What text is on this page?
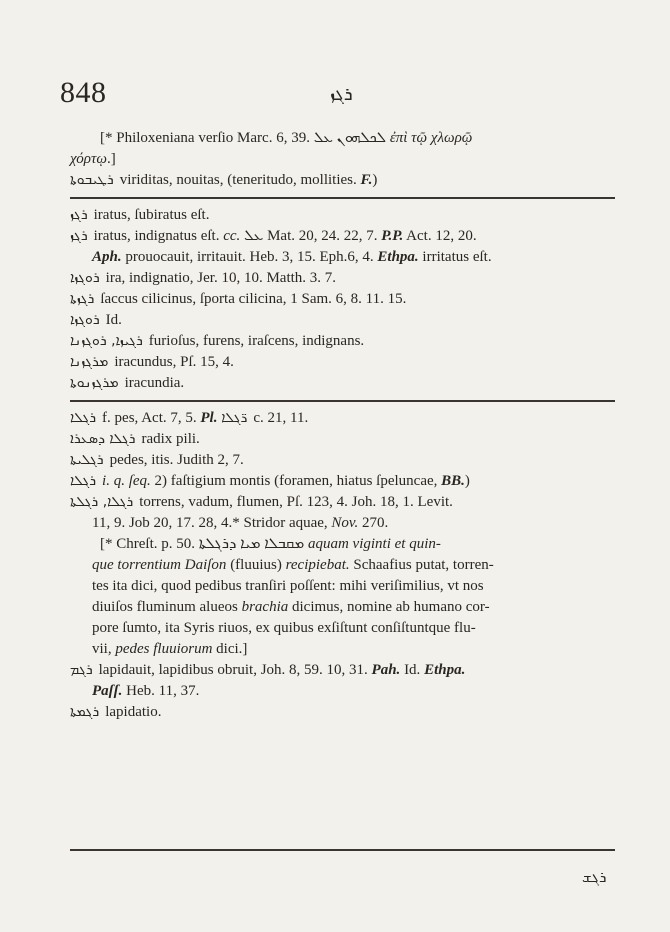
848	ܪܓܙ
[* Philoxeniana verſio Marc. 6, 39. ܠܟܠܗܘܢ ܥܠ ἐπὶ τῷ χλωρῷ
χόρτῳ.]
ܪܛܝܒܘܬܐ viriditas, nouitas, (teneritudo, mollities. F.)
ܪܓܙ iratus, ſubiratus eſt.
ܪܓܙ iratus, indignatus eſt. cc. ܥܠ Mat. 20, 24. 22, 7. P.P. Act. 12, 20.
Aph. prouocauit, irritauit. Heb. 3, 15. Eph.6, 4. Ethpa. irritatus eſt.
ܪܘܓܙܐ ira, indignatio, Jer. 10, 10. Matth. 3. 7.
ܪܓܙܬܐ ſaccus cilicinus, ſporta cilicina, 1 Sam. 6, 8. 11. 15.
ܪܘܓܙܐ Id.
ܪܓܝܙܐ, ܪܘܓܙܢܐ furioſus, furens, iraſcens, indignans.
ܡܪܓܙܢܐ iracundus, Pſ. 15, 4.
ܡܪܓܙܢܘܬܐ iracundia.
ܪܓܠܐ f. pes, Act. 7, 5. Pl. ܪ̈ܓܠܐ c. 21, 11.
ܪܓܠܐ ܕܣܥܪܐ radix pili.
ܪܓܠܝܬܐ pedes, itis. Judith 2, 7.
ܪܓܠܐ i. q. ſeq. 2) faſtigium montis (foramen, hiatus ſpeluncae, BB.)
ܪܓܠܐ, ܪܓܠܬܐ torrens, vadum, flumen, Pſ. 123, 4. Joh. 18, 1. Levit.
11, 9. Job 20, 17. 28, 4.* Stridor aquae, Nov. 270.
[* Chreſt. p. 50. ܡܩܒܠܐ ܡܝܐ ܕܪܓܠܬܐ aquam viginti et quin-
que torrentium Daiſon (fluuius) recipiebat. Schaafius putat, torren-
tes ita dici, quod pedibus tranſiri poſſent: mihi veriſimilius, vt nos
diuiſos fluminum alueos brachia dicimus, nomine ab humano cor-
pore ſumto, ita Syris riuos, ex quibus exſiſtunt conſiſtuntque flu-
vii, pedes fluuiorum dici.]
ܪܓܡ lapidauit, lapidibus obruit, Joh. 8, 59. 10, 31. Pah. Id. Ethpa.
Paſſ. Heb. 11, 37.
ܪܓܡܬܐ lapidatio.
ܪܓܫ
